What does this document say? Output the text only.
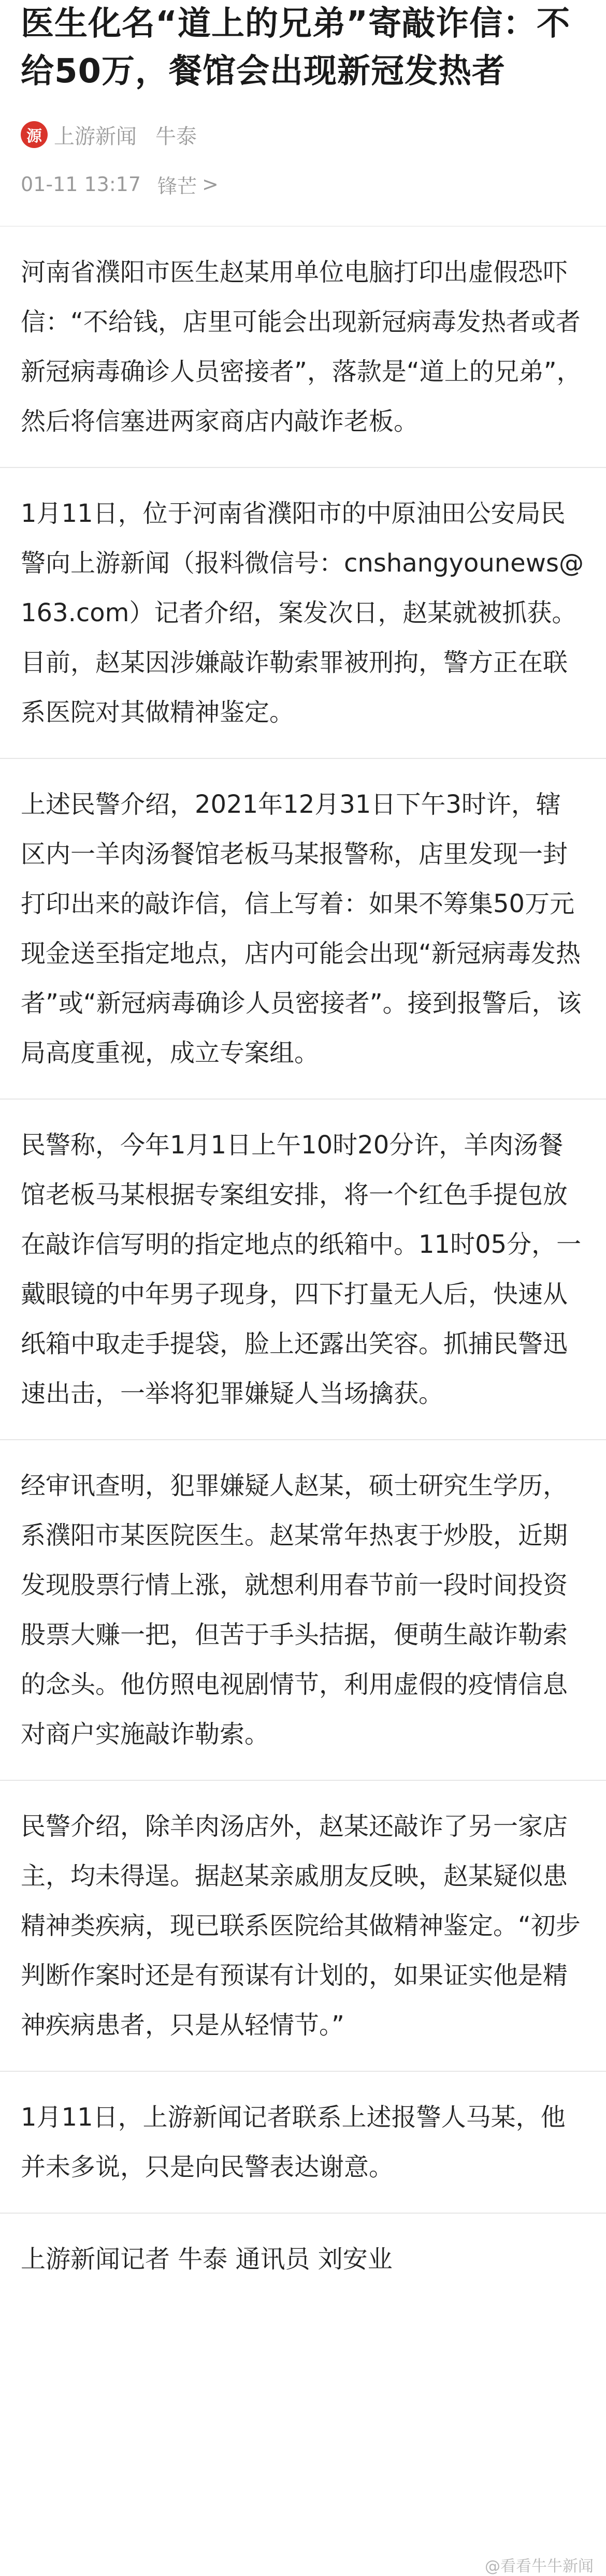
医生化名“道上的兄弟”寄敲诈信：不给50万，餐馆会出现新冠发热者
源 上游新闻 牛泰
01-11 13:17 锋芒 >

河南省濮阳市医生赵某用单位电脑打印出虚假恐吓信：“不给钱，店里可能会出现新冠病毒发热者或者新冠病毒确诊人员密接者”，落款是“道上的兄弟”，然后将信塞进两家商店内敲诈老板。

1月11日，位于河南省濮阳市的中原油田公安局民警向上游新闻（报料微信号：cnshangyounews@163.com）记者介绍，案发次日，赵某就被抓获。目前，赵某因涉嫌敲诈勒索罪被刑拘，警方正在联系医院对其做精神鉴定。

上述民警介绍，2021年12月31日下午3时许，辖区内一羊肉汤餐馆老板马某报警称，店里发现一封打印出来的敲诈信，信上写着：如果不筹集50万元现金送至指定地点，店内可能会出现“新冠病毒发热者”或“新冠病毒确诊人员密接者”。接到报警后，该局高度重视，成立专案组。

民警称，今年1月1日上午10时20分许，羊肉汤餐馆老板马某根据专案组安排，将一个红色手提包放在敲诈信写明的指定地点的纸箱中。11时05分，一戴眼镜的中年男子现身，四下打量无人后，快速从纸箱中取走手提袋，脸上还露出笑容。抓捕民警迅速出击，一举将犯罪嫌疑人当场擒获。

经审讯查明，犯罪嫌疑人赵某，硕士研究生学历，系濮阳市某医院医生。赵某常年热衷于炒股，近期发现股票行情上涨，就想利用春节前一段时间投资股票大赚一把，但苦于手头拮据，便萌生敲诈勒索的念头。他仿照电视剧情节，利用虚假的疫情信息对商户实施敲诈勒索。

民警介绍，除羊肉汤店外，赵某还敲诈了另一家店主，均未得逞。据赵某亲戚朋友反映，赵某疑似患精神类疾病，现已联系医院给其做精神鉴定。“初步判断作案时还是有预谋有计划的，如果证实他是精神疾病患者，只是从轻情节。”

1月11日，上游新闻记者联系上述报警人马某，他并未多说，只是向民警表达谢意。

上游新闻记者 牛泰 通讯员 刘安业

@看看牛牛新闻
